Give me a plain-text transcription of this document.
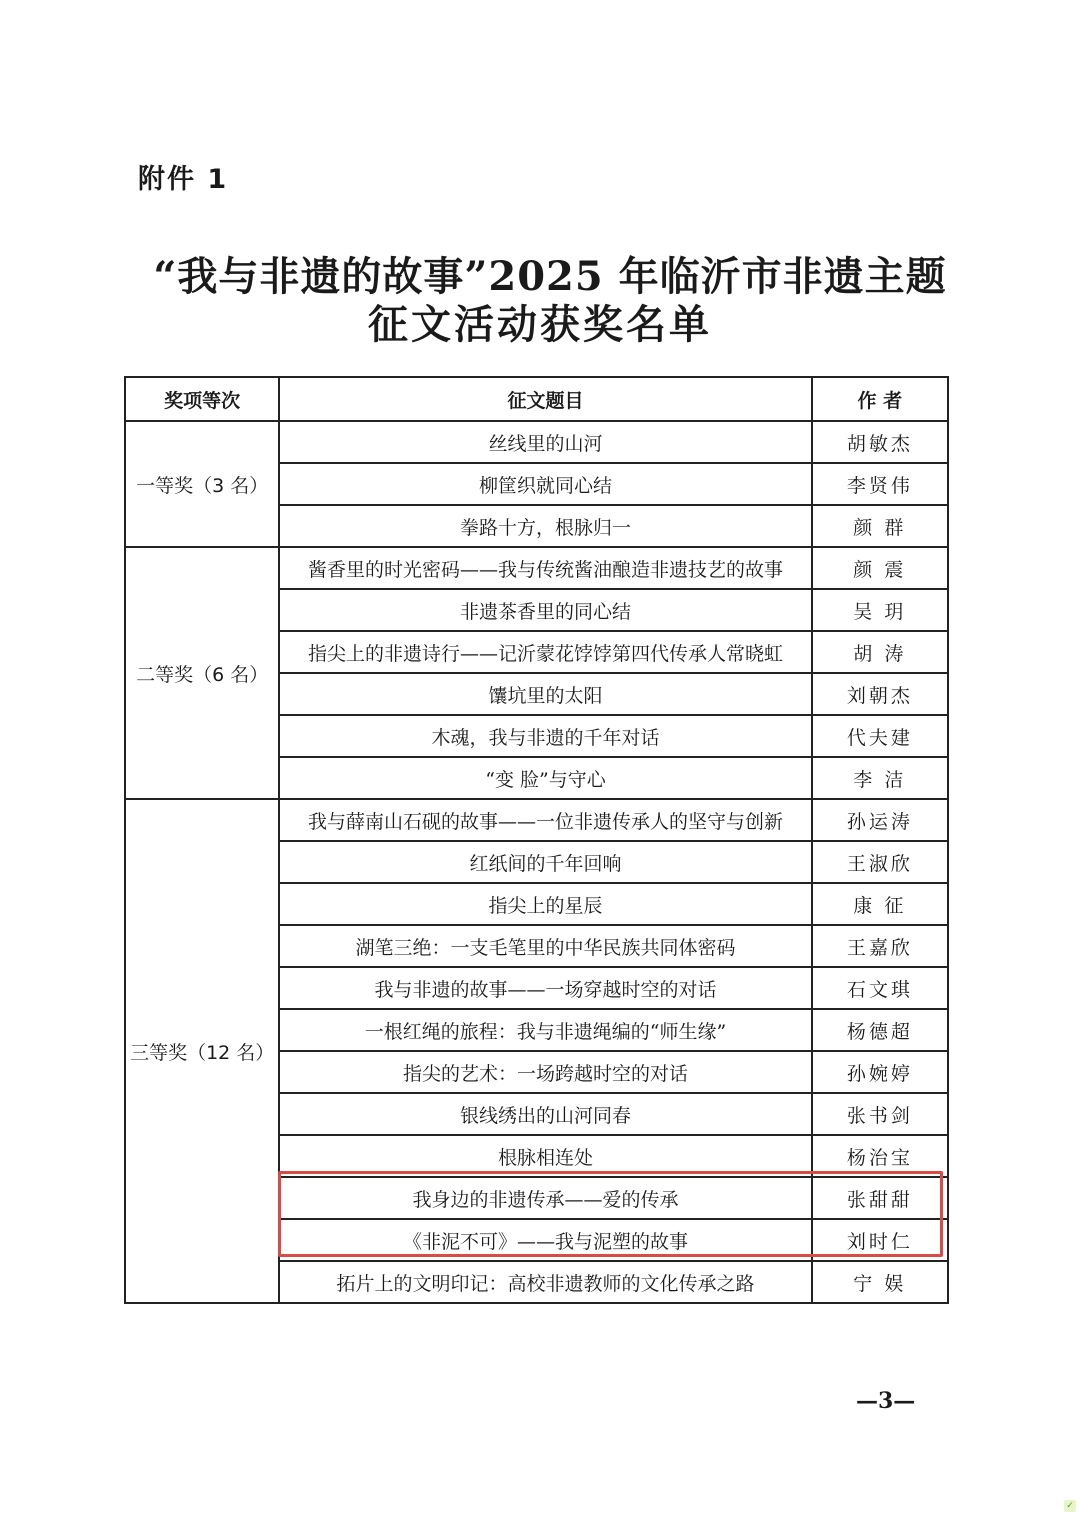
附件 1
“我与非遗的故事”2025 年临沂市非遗主题
征文活动获奖名单
奖项等次	征文题目	作 者
一等奖（3 名）	丝线里的山河	胡敏杰
	柳筐织就同心结	李贤伟
	拳路十方，根脉归一	颜 群
二等奖（6 名）	酱香里的时光密码——我与传统酱油酿造非遗技艺的故事	颜 震
	非遗茶香里的同心结	吴 玥
	指尖上的非遗诗行——记沂蒙花饽饽第四代传承人常晓虹	胡 涛
	馕坑里的太阳	刘朝杰
	木魂，我与非遗的千年对话	代夫建
	“变 脸”与守心	李 洁
三等奖（12 名）	我与薛南山石砚的故事——一位非遗传承人的坚守与创新	孙运涛
	红纸间的千年回响	王淑欣
	指尖上的星辰	康 征
	湖笔三绝：一支毛笔里的中华民族共同体密码	王嘉欣
	我与非遗的故事——一场穿越时空的对话	石文琪
	一根红绳的旅程：我与非遗绳编的“师生缘”	杨德超
	指尖的艺术：一场跨越时空的对话	孙婉婷
	银线绣出的山河同春	张书剑
	根脉相连处	杨治宝
	我身边的非遗传承——爱的传承	张甜甜
	《非泥不可》——我与泥塑的故事	刘时仁
	拓片上的文明印记：高校非遗教师的文化传承之路	宁 娱
—3—
✓
